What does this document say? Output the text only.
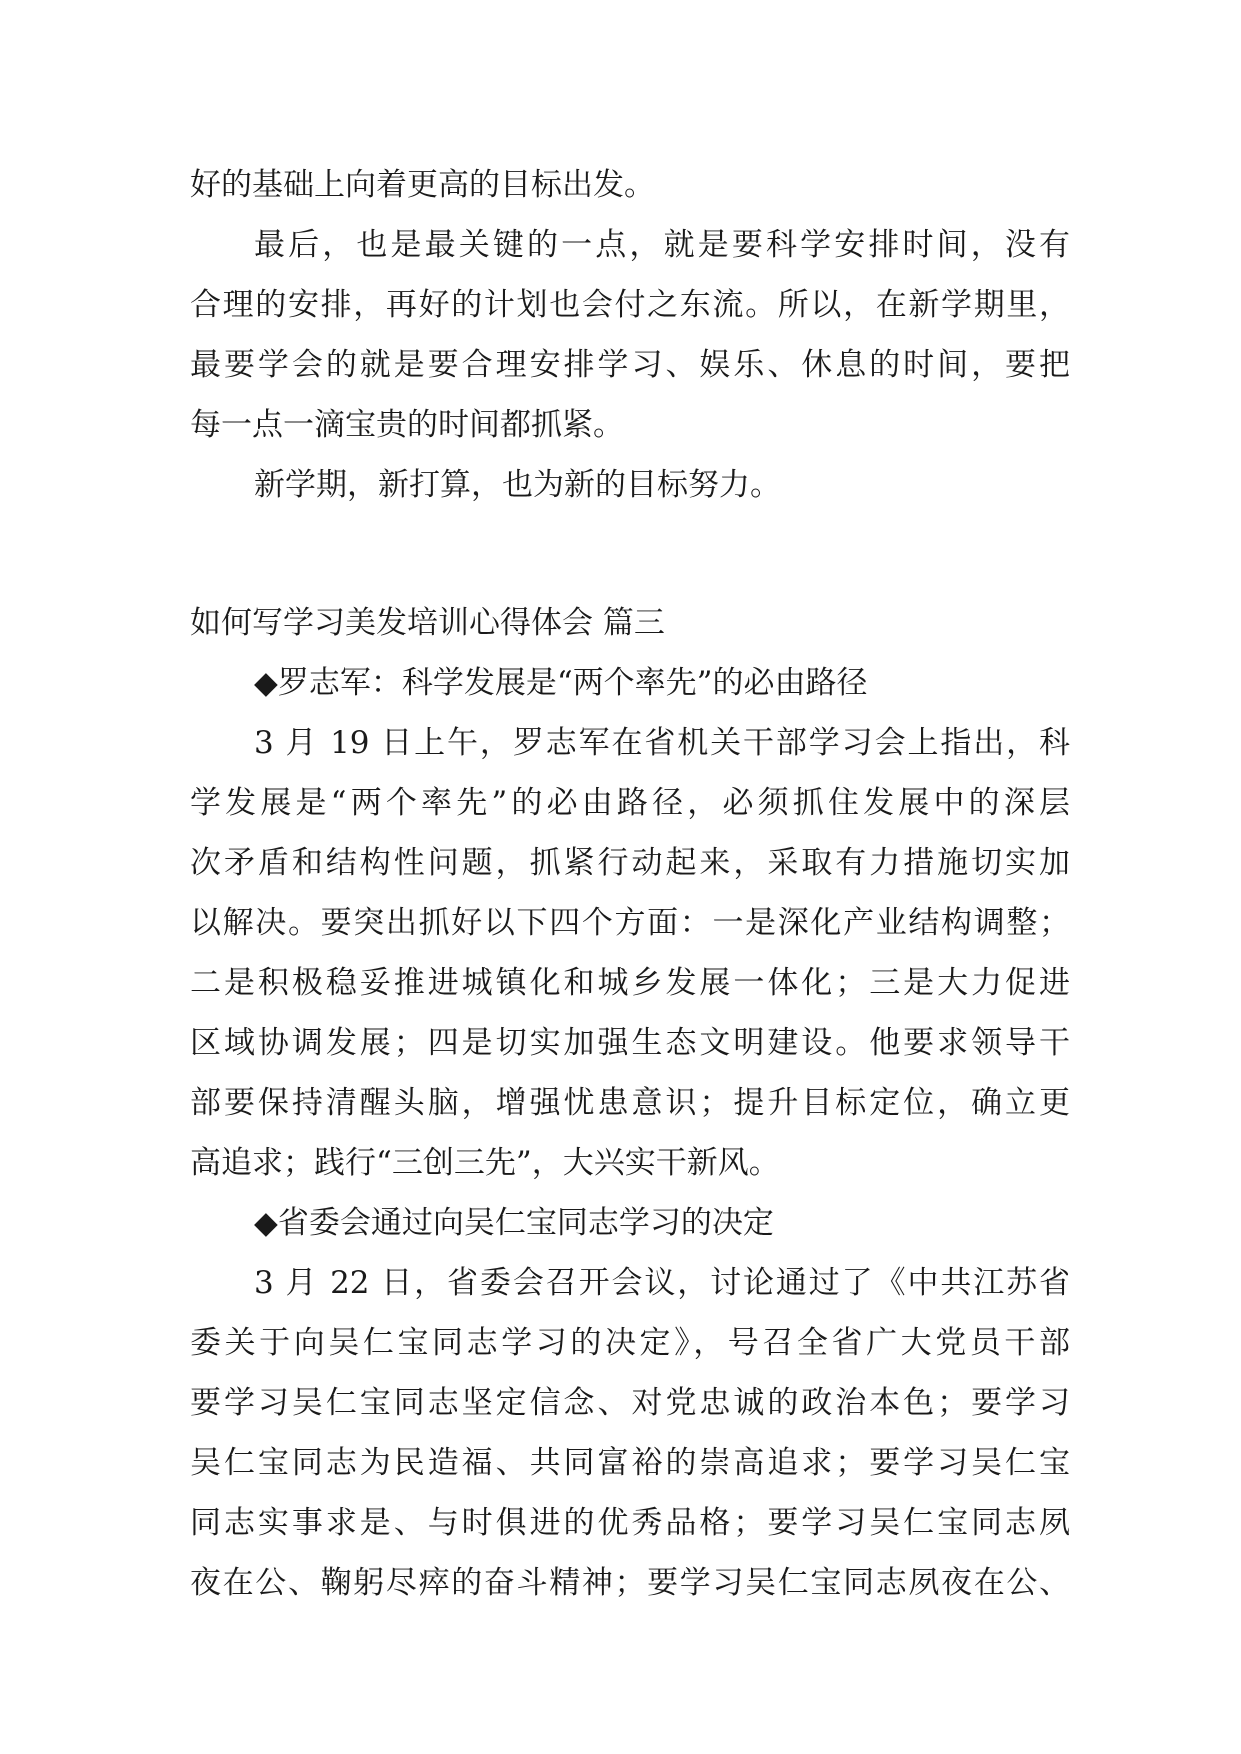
好的基础上向着更高的目标出发。
最后，也是最关键的一点，就是要科学安排时间，没有
合理的安排，再好的计划也会付之东流。所以，在新学期里，
最要学会的就是要合理安排学习、娱乐、休息的时间，要把
每一点一滴宝贵的时间都抓紧。
新学期，新打算，也为新的目标努力。
如何写学习美发培训心得体会 篇三
◆罗志军：科学发展是“两个率先”的必由路径
3 月 19 日上午，罗志军在省机关干部学习会上指出，科
学发展是“两个率先”的必由路径，必须抓住发展中的深层
次矛盾和结构性问题，抓紧行动起来，采取有力措施切实加
以解决。要突出抓好以下四个方面：一是深化产业结构调整；
二是积极稳妥推进城镇化和城乡发展一体化；三是大力促进
区域协调发展；四是切实加强生态文明建设。他要求领导干
部要保持清醒头脑，增强忧患意识；提升目标定位，确立更
高追求；践行“三创三先”，大兴实干新风。
◆省委会通过向吴仁宝同志学习的决定
3 月 22 日，省委会召开会议，讨论通过了《中共江苏省
委关于向吴仁宝同志学习的决定》，号召全省广大党员干部
要学习吴仁宝同志坚定信念、对党忠诚的政治本色；要学习
吴仁宝同志为民造福、共同富裕的崇高追求；要学习吴仁宝
同志实事求是、与时俱进的优秀品格；要学习吴仁宝同志夙
夜在公、鞠躬尽瘁的奋斗精神；要学习吴仁宝同志夙夜在公、
